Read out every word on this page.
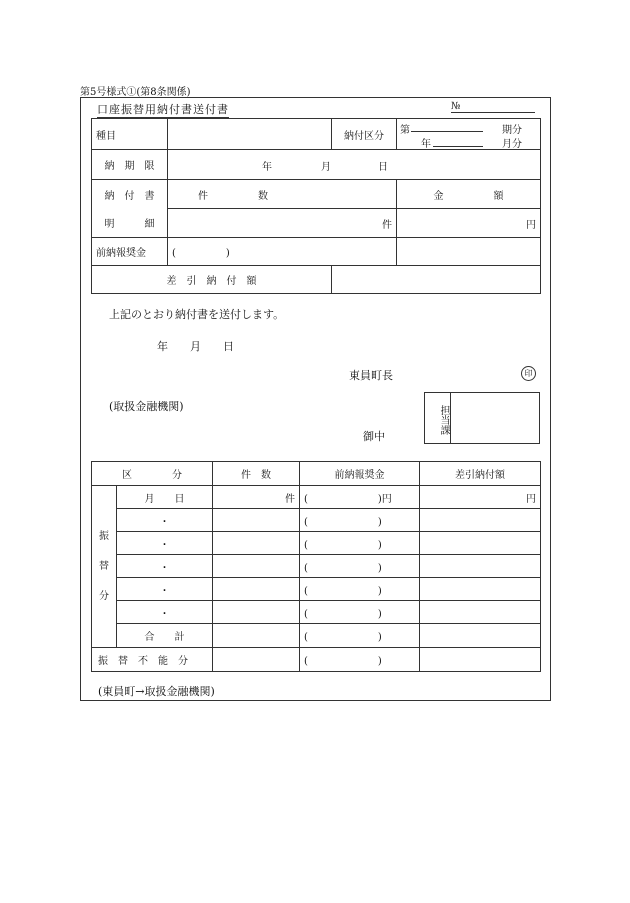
第5号様式①(第8条関係)
口座振替用納付書送付書	№
種目		納付区分	第 期分
年 月分

納　期　限	年 月 日		

納　付　書	件　　　　　数		金　　　　　額
明　　　細	件		円
前納報奨金	(　　　　　)		
差　引　納　付　額			
上記のとおり納付書を送付します。
年　　月　　日
東員町長	印
(取扱金融機関)
御中
担当課
区　　　　分		件　数	前納報奨金	差引納付額

振
替
分	月　　日	件	(　　　　　　　)円	円
	・		(　　　　　　　)	
	・		(　　　　　　　)	
	・		(　　　　　　　)	
	・		(　　　　　　　)	
	・		(　　　　　　　)	
	合　　計		(　　　　　　　)	
振　替　不　能　分			(　　　　　　　)	
(東員町→取扱金融機関)
